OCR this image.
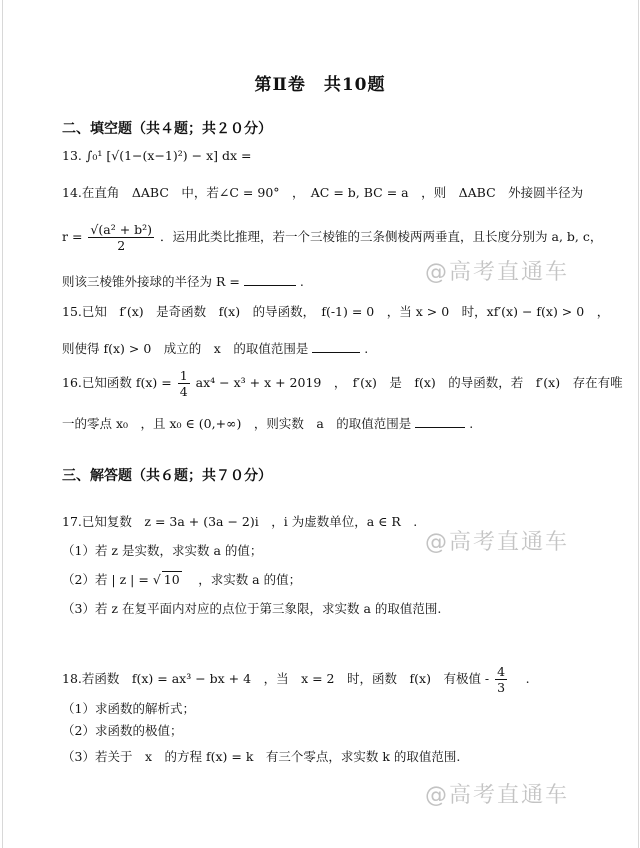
第Ⅱ卷　共10题
二、填空题（共４题；共２０分）
13. ∫₀¹ [√(1−(x−1)²) − x] dx =
14.在直角　ΔABC　中，若∠C = 90°　，　AC = b, BC = a　，则　ΔABC　外接圆半径为
$r = \frac{\text{√(a² + b²)}}{2}$ ．运用此类比推理，若一个三棱锥的三条侧棱两两垂直，且长度分别为 a, b, c，
则该三棱锥外接球的半径为 R =	.
15.已知　f′(x)　是奇函数　f(x)　的导函数，　f(-1) = 0　，当 x > 0　时，xf′(x) − f(x) > 0　，
则使得 f(x) > 0　成立的　x　的取值范围是	.
16.已知函数 $f(x) = \frac{1}{4} ax^4 - x^3 + x + 2019$　，　f′(x)　是　f(x)　的导函数，若　f′(x)　存在有唯
一的零点 x₀　，且 x₀ ∈ (0,+∞)　，则实数　a　的取值范围是	.
三、解答题（共６题；共７０分）
17.已知复数　z = 3a + (3a − 2)i　，i 为虚数单位，a ∈ R　.
（1）若 z 是实数，求实数 a 的值；
（2）若 | z | = √ 10 　，求实数 a 的值；
（3）若 z 在复平面内对应的点位于第三象限，求实数 a 的取值范围.
18.若函数　f(x) = ax³ − bx + 4　，当　x = 2　时，函数　f(x)　有极值 - $\frac{4}{3}$ 　.
（1）求函数的解析式；
（2）求函数的极值；
（3）若关于　x　的方程 f(x) = k　有三个零点，求实数 k 的取值范围.
@高考直通车
@高考直通车
@高考直通车
